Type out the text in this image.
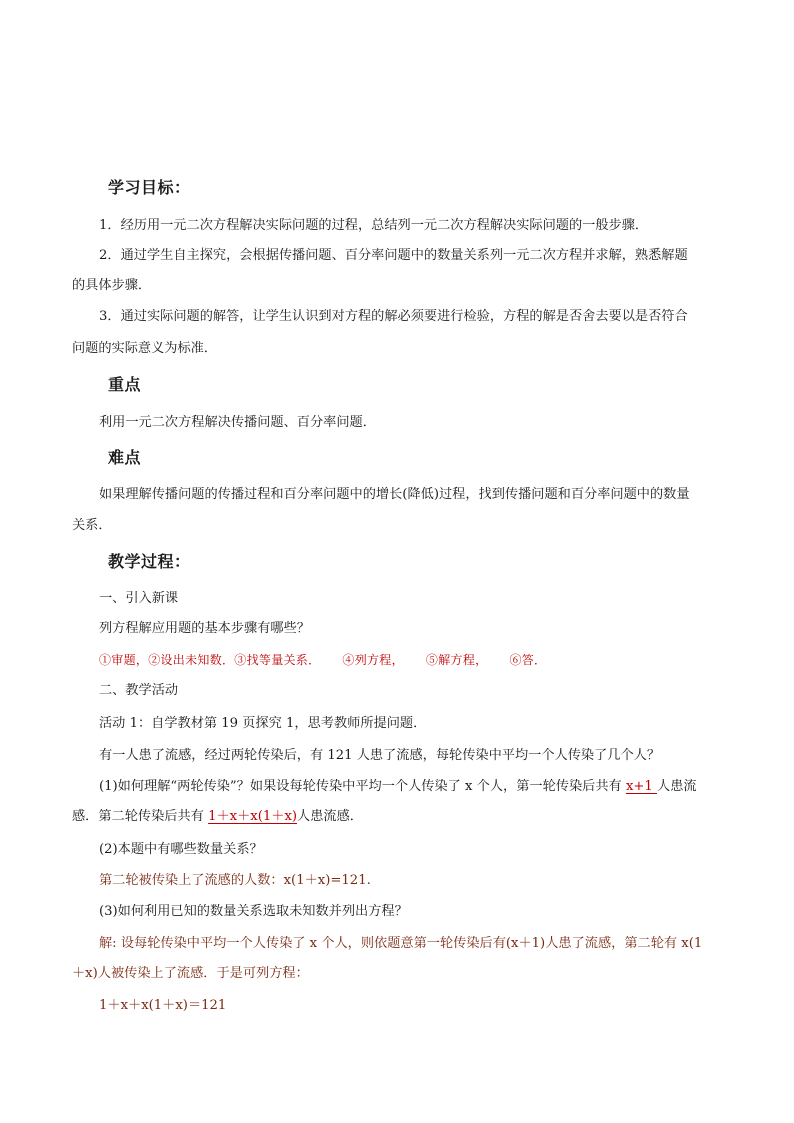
学习目标：
1．经历用一元二次方程解决实际问题的过程，总结列一元二次方程解决实际问题的一般步骤．
2．通过学生自主探究，会根据传播问题、百分率问题中的数量关系列一元二次方程并求解，熟悉解题
的具体步骤．
3．通过实际问题的解答，让学生认识到对方程的解必须要进行检验，方程的解是否舍去要以是否符合
问题的实际意义为标准．
重点
利用一元二次方程解决传播问题、百分率问题．
难点
如果理解传播问题的传播过程和百分率问题中的增长(降低)过程，找到传播问题和百分率问题中的数量
关系．
教学过程：
一、引入新课
列方程解应用题的基本步骤有哪些？
①审题，②设出未知数．③找等量关系． ④列方程， ⑤解方程， ⑥答．
二、教学活动
活动 1：自学教材第 19 页探究 1，思考教师所提问题．
有一人患了流感，经过两轮传染后，有 121 人患了流感，每轮传染中平均一个人传染了几个人？
(1)如何理解“两轮传染”？如果设每轮传染中平均一个人传染了 x 个人，第一轮传染后共有 x+1 人患流
感．第二轮传染后共有 1＋x＋x(1＋x)人患流感．
(2)本题中有哪些数量关系？
第二轮被传染上了流感的人数：x(1＋x)=121.
(3)如何利用已知的数量关系选取未知数并列出方程？
解: 设每轮传染中平均一个人传染了 x 个人，则依题意第一轮传染后有(x＋1)人患了流感，第二轮有 x(1
＋x)人被传染上了流感．于是可列方程：
1＋x＋x(1＋x)＝121
